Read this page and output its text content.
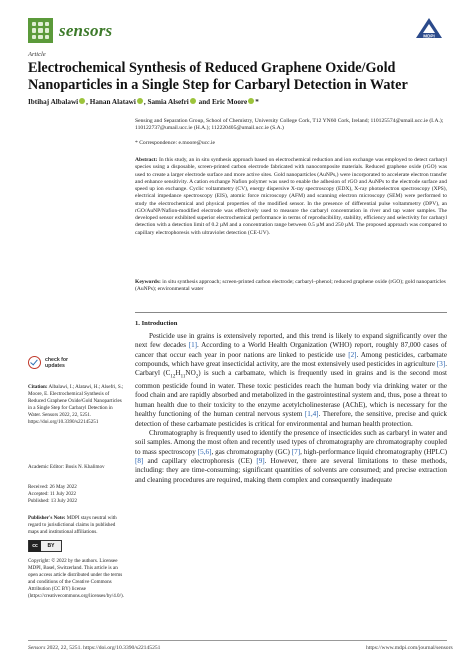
sensors	MDPI
Article
Electrochemical Synthesis of Reduced Graphene Oxide/Gold Nanoparticles in a Single Step for Carbaryl Detection in Water
Ibtihaj Albalawi , Hanan Alatawi , Samia Alsefri and Eric Moore *
Sensing and Separation Group, School of Chemistry, University College Cork, T12 YN60 Cork, Ireland; 110125574@umail.ucc.ie (I.A.); 110122737@umail.ucc.ie (H.A.); 112220405@umail.ucc.ie (S.A.)
* Correspondence: e.moore@ucc.ie
Abstract: In this study, an in situ synthesis approach based on electrochemical reduction and ion exchange was employed to detect carbaryl species using a disposable, screen-printed carbon electrode fabricated with nanocomposite materials. Reduced graphene oxide (rGO) was used to create a larger electrode surface and more active sites. Gold nanoparticles (AuNPs,) were incorporated to accelerate electron transfer and enhance sensitivity. A cation exchange Nafion polymer was used to enable the adhesion of rGO and AuNPs to the electrode surface and speed up ion exchange. Cyclic voltammetry (CV), energy dispersive X-ray spectroscopy (EDX), X-ray photoelectron spectroscopy (XPS), electrical impedance spectroscopy (EIS), atomic force microscopy (AFM) and scanning electron microscopy (SEM) were performed to study the electrochemical and physical properties of the modified sensor. In the presence of differential pulse voltammetry (DPV), an rGO/AuNP/Nafion-modified electrode was effectively used to measure the carbaryl concentration in river and tap water samples. The developed sensor exhibited superior electrochemical performance in terms of reproducibility, stability, efficiency and selectivity for carbaryl detection with a detection limit of 0.2 µM and a concentration range between 0.5 µM and 250 µM. The proposed approach was compared to capillary electrophoresis with ultraviolet detection (CE-UV).
Keywords: in situ synthesis approach; screen-printed carbon electrode; carbaryl–phenol; reduced graphene oxide (rGO); gold nanoparticles (AuNPs); environmental water
1. Introduction

Pesticide use in grains is extensively reported, and this trend is likely to expand significantly over the next few decades [1]. According to a World Health Organization (WHO) report, roughly 87,000 cases of cancer that occur each year in poor nations are linked to pesticide use [2]. Among pesticides, carbamate compounds, which have great insecticidal activity, are the most extensively used pesticides in agriculture [3]. Carbaryl $(C_{12}H_{11}NO_2)$ is such a carbamate, which is frequently used in grains and is the second most common pesticide found in water. These toxic pesticides reach the human body via drinking water or the food chain and are rapidly absorbed and metabolized in the gastrointestinal system and, thus, pose a threat to human health due to their toxicity to the enzyme acetylcholinesterase (AChE), which is necessary for the healthy functioning of the human central nervous system [1,4]. Therefore, the sensitive, precise and quick detection of these carbamate pesticides is critical for environmental and human health protection.

Chromatography is frequently used to identify the presence of insecticides such as carbaryl in water and soil samples. Among the most often and recently used types of chromatography are chromatography coupled to mass spectroscopy [5,6], gas chromatography (GC) [7], high-performance liquid chromatography (HPLC) [8] and capillary electrophoresis (CE) [9]. However, there are several limitations to these methods, including: they are time-consuming; significant quantities of solvents are consumed; and precise extraction and cleaning procedures are required, making them complex and consequently inadequate

check for updates
Citation: Albalawi, I.; Alatawi, H.; Alsefri, S.; Moore, E. Electrochemical Synthesis of Reduced Graphene Oxide/Gold Nanoparticles in a Single Step for Carbaryl Detection in Water. Sensors 2022, 22, 5251. https://doi.org/10.3390/s22145251
Academic Editor: Bosis N. Khalimov
Received: 26 May 2022
Accepted: 11 July 2022
Published: 13 July 2022
Publisher's Note: MDPI stays neutral with regard to jurisdictional claims in published maps and institutional affiliations.
cc	BY
Copyright: © 2022 by the authors. Licensee MDPI, Basel, Switzerland. This article is an open access article distributed under the terms and conditions of the Creative Commons Attribution (CC BY) license (https://creativecommons.org/licenses/by/4.0/).
Sensors 2022, 22, 5251. https://doi.org/10.3390/s22145251	https://www.mdpi.com/journal/sensors
